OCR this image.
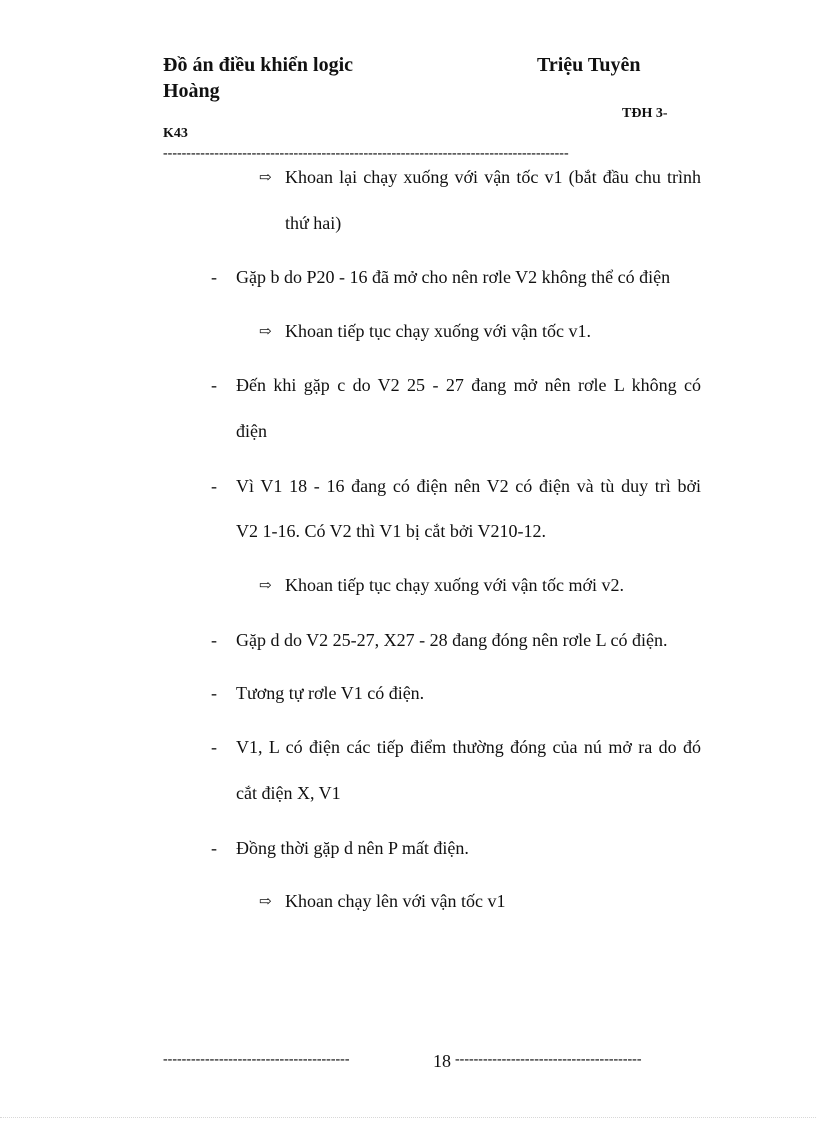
Đồ án điều khiển logic	Triệu Tuyên
Hoàng
TĐH 3-
K43
---------------------------------------------------------------------------------------
⇨ Khoan lại chạy xuống với vận tốc v1 (bắt đầu chu trình
thứ hai)
- Gặp b do P20 - 16 đã mở cho nên rơle V2 không thể có điện
⇨ Khoan tiếp tục chạy xuống với vận tốc v1.
- Đến khi gặp c do V2 25 - 27 đang mở nên rơle L không có
điện
- Vì V1 18 - 16 đang có điện nên V2 có điện và tù duy trì bởi
V2 1-16. Có V2 thì V1 bị cắt bởi V210-12.
⇨ Khoan tiếp tục chạy xuống với vận tốc mới v2.
- Gặp d do V2 25-27, X27 - 28 đang đóng nên rơle L có điện.
- Tương tự rơle V1 có điện.
- V1, L có điện các tiếp điểm thường đóng của nú mở ra do đó
cắt điện X, V1
- Đồng thời gặp d nên P mất điện.
⇨ Khoan chạy lên với vận tốc v1
----------------------------------------	18 ----------------------------------------
